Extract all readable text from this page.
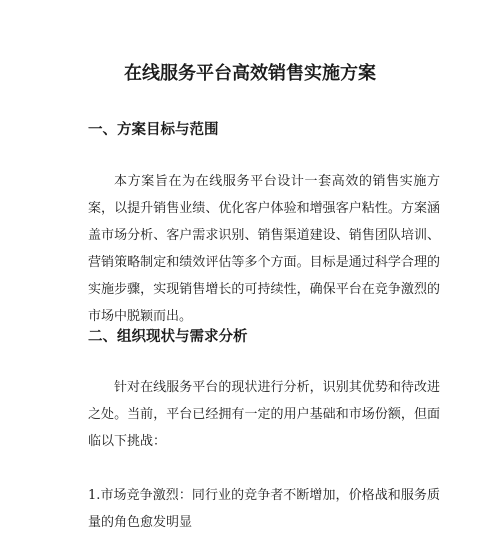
在线服务平台高效销售实施方案
一、方案目标与范围

本方案旨在为在线服务平台设计一套高效的销售实施方案，以提升销售业绩、优化客户体验和增强客户粘性。方案涵盖市场分析、客户需求识别、销售渠道建设、销售团队培训、营销策略制定和绩效评估等多个方面。目标是通过科学合理的实施步骤，实现销售增长的可持续性，确保平台在竞争激烈的市场中脱颖而出。

二、组织现状与需求分析

针对在线服务平台的现状进行分析，识别其优势和待改进之处。当前，平台已经拥有一定的用户基础和市场份额，但面临以下挑战：

1.市场竞争激烈：同行业的竞争者不断增加，价格战和服务质量的角色愈发明显
